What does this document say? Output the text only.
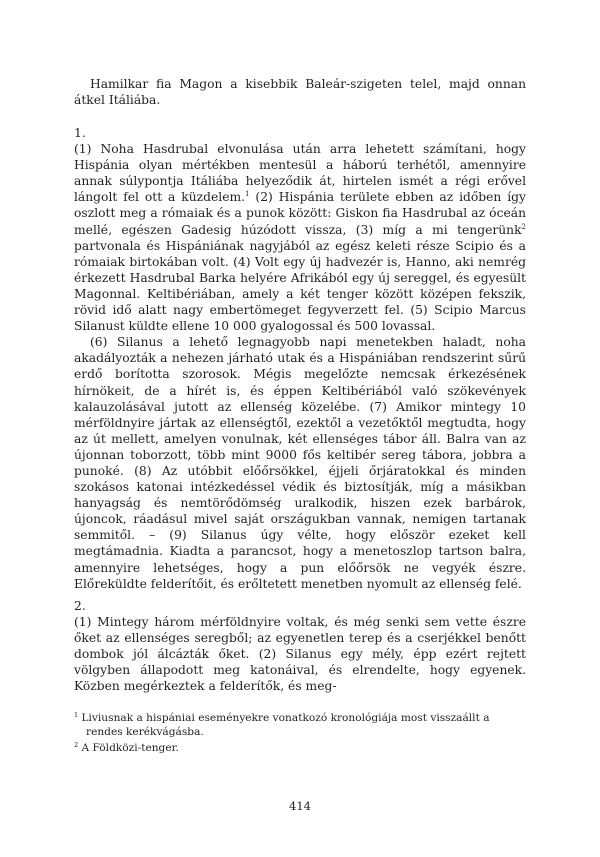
Hamilkar fia Magon a kisebbik Baleár-szigeten telel, majd onnan átkel Itáliába.

1.

(1) Noha Hasdrubal elvonulása után arra lehetett számítani, hogy Hispánia olyan mértékben mentesül a háború terhétől, amennyire annak súlypontja Itáliába helyeződik át, hirtelen ismét a régi erővel lángolt fel ott a küzdelem.$^1$ (2) Hispánia területe ebben az időben így oszlott meg a rómaiak és a punok között: Giskon fia Hasdrubal az óceán mellé, egészen Gadesig húzódott vissza, (3) míg a mi tengerünk$^2$ partvonala és Hispániának nagyjából az egész keleti része Scipio és a rómaiak birtokában volt. (4) Volt egy új hadvezér is, Hanno, aki nemrég érkezett Hasdrubal Barka helyére Afrikából egy új sereggel, és egyesült Magonnal. Keltibériában, amely a két tenger között középen fekszik, rövid idő alatt nagy embertömeget fegyverzett fel. (5) Scipio Marcus Silanust küldte ellene 10 000 gyalogossal és 500 lovassal.

(6) Silanus a lehető legnagyobb napi menetekben haladt, noha akadályozták a nehezen járható utak és a Hispániában rendszerint sűrű erdő borította szorosok. Mégis megelőzte nemcsak érkezésének hírnökeit, de a hírét is, és éppen Keltibériából való szökevények kalauzolásával jutott az ellenség közelébe. (7) Amikor mintegy 10 mérföldnyire jártak az ellenségtől, ezektől a vezetőktől megtudta, hogy az út mellett, amelyen vonulnak, két ellenséges tábor áll. Balra van az újonnan toborzott, több mint 9000 fős keltibér sereg tábora, jobbra a punoké. (8) Az utóbbit előőrsökkel, éjjeli őrjáratokkal és minden szokásos katonai intézkedéssel védik és biztosítják, míg a másikban hanyagság és nemtörődömség uralkodik, hiszen ezek barbárok, újoncok, ráadásul mivel saját országukban vannak, nemigen tartanak semmitől. – (9) Silanus úgy vélte, hogy először ezeket kell megtámadnia. Kiadta a parancsot, hogy a menetoszlop tartson balra, amennyire lehetséges, hogy a pun előőrsök ne vegyék észre. Előreküldte felderítőit, és erőltetett menetben nyomult az ellenség felé.

2.

(1) Mintegy három mérföldnyire voltak, és még senki sem vette észre őket az ellenséges seregből; az egyenetlen terep és a cserjékkel benőtt dombok jól álcázták őket. (2) Silanus egy mély, épp ezért rejtett völgyben állapodott meg katonáival, és elrendelte, hogy egyenek. Közben megérkeztek a felderítők, és meg-

$^1$ Liviusnak a hispániai eseményekre vonatkozó kronológiája most visszaállt a rendes kerékvágásba.

$^2$ A Földközi-tenger.

414
